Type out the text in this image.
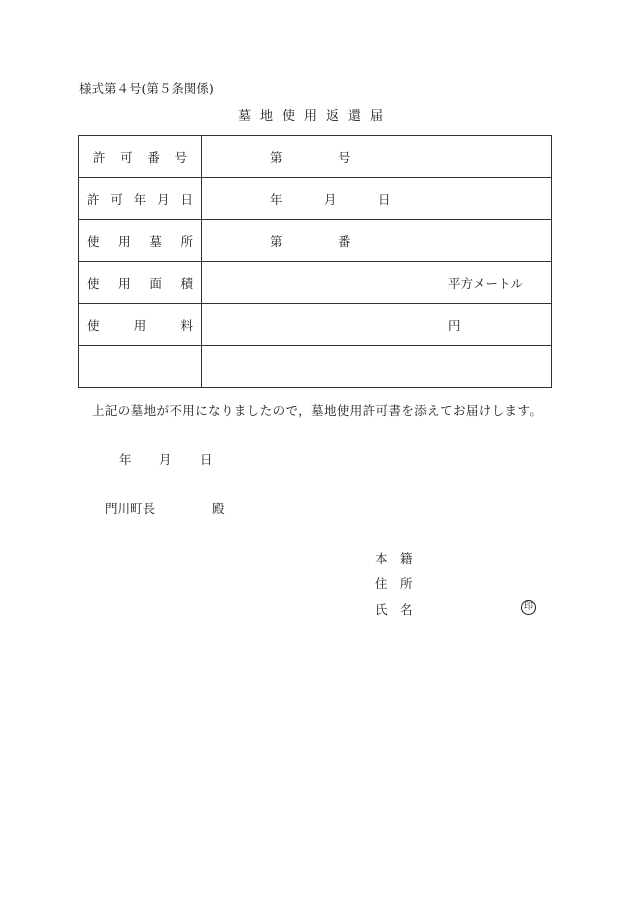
様式第４号(第５条関係)
墓地使用返還届
許 可 番 号	第 号

許 可 年 月 日	年 月 日

使 用 墓 所	第 番

使 用 面 積	平方メートル

使 用 料	円

上記の墓地が不用になりましたので，墓地使用許可書を添えてお届けします。
年 月 日
門川町長	殿
本　籍
住　所
氏　名	印
